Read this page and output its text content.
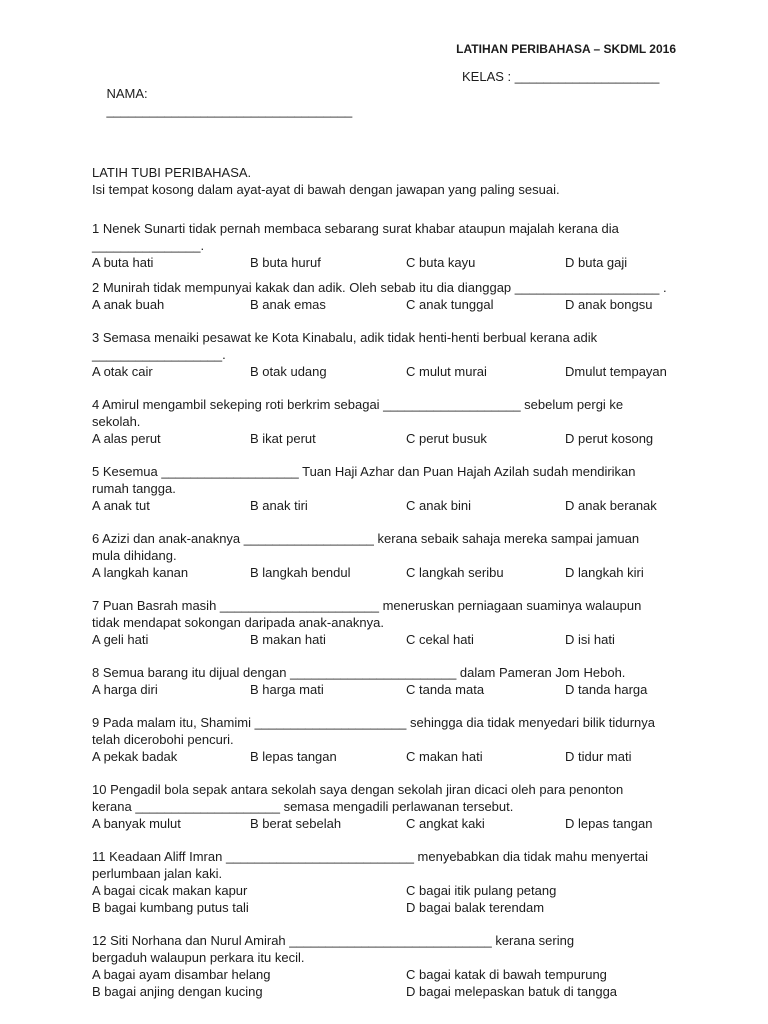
LATIHAN PERIBAHASA – SKDML 2016

NAMA:
__________________________________

KELAS : ____________________

LATIH TUBI PERIBAHASA.
Isi tempat kosong dalam ayat-ayat di bawah dengan jawapan yang paling sesuai.
1 Nenek Sunarti tidak pernah membaca sebarang surat khabar ataupun majalah kerana dia
_______________.
A buta hati	B buta huruf	C buta kayu	D buta gaji
2 Munirah tidak mempunyai kakak dan adik. Oleh sebab itu dia dianggap ____________________ .
A anak buah	B anak emas	C anak tunggal	D anak bongsu
3 Semasa menaiki pesawat ke Kota Kinabalu, adik tidak henti-henti berbual kerana adik
__________________.
A otak cair	B otak udang	C mulut murai	Dmulut tempayan
4 Amirul mengambil sekeping roti berkrim sebagai ___________________ sebelum pergi ke
sekolah.
A alas perut	B ikat perut	C perut busuk	D perut kosong
5 Kesemua ___________________ Tuan Haji Azhar dan Puan Hajah Azilah sudah mendirikan
rumah tangga.
A anak tut	B anak tiri	C anak bini	D anak beranak
6 Azizi dan anak-anaknya __________________ kerana sebaik sahaja mereka sampai jamuan
mula dihidang.
A langkah kanan	B langkah bendul	C langkah seribu	D langkah kiri
7 Puan Basrah masih ______________________ meneruskan perniagaan suaminya walaupun
tidak mendapat sokongan daripada anak-anaknya.
A geli hati	B makan hati	C cekal hati	D isi hati
8 Semua barang itu dijual dengan _______________________ dalam Pameran Jom Heboh.
A harga diri	B harga mati	C tanda mata	D tanda harga
9 Pada malam itu, Shamimi _____________________ sehingga dia tidak menyedari bilik tidurnya
telah dicerobohi pencuri.
A pekak badak	B lepas tangan	C makan hati	D tidur mati
10 Pengadil bola sepak antara sekolah saya dengan sekolah jiran dicaci oleh para penonton
kerana ____________________ semasa mengadili perlawanan tersebut.
A banyak mulut	B berat sebelah	C angkat kaki	D lepas tangan
11 Keadaan Aliff Imran __________________________ menyebabkan dia tidak mahu menyertai
perlumbaan jalan kaki.
A bagai cicak makan kapur	C bagai itik pulang petang
B bagai kumbang putus tali	D bagai balak terendam
12 Siti Norhana dan Nurul Amirah ____________________________ kerana sering
bergaduh walaupun perkara itu kecil.
A bagai ayam disambar helang	C bagai katak di bawah tempurung
B bagai anjing dengan kucing	D bagai melepaskan batuk di tangga
